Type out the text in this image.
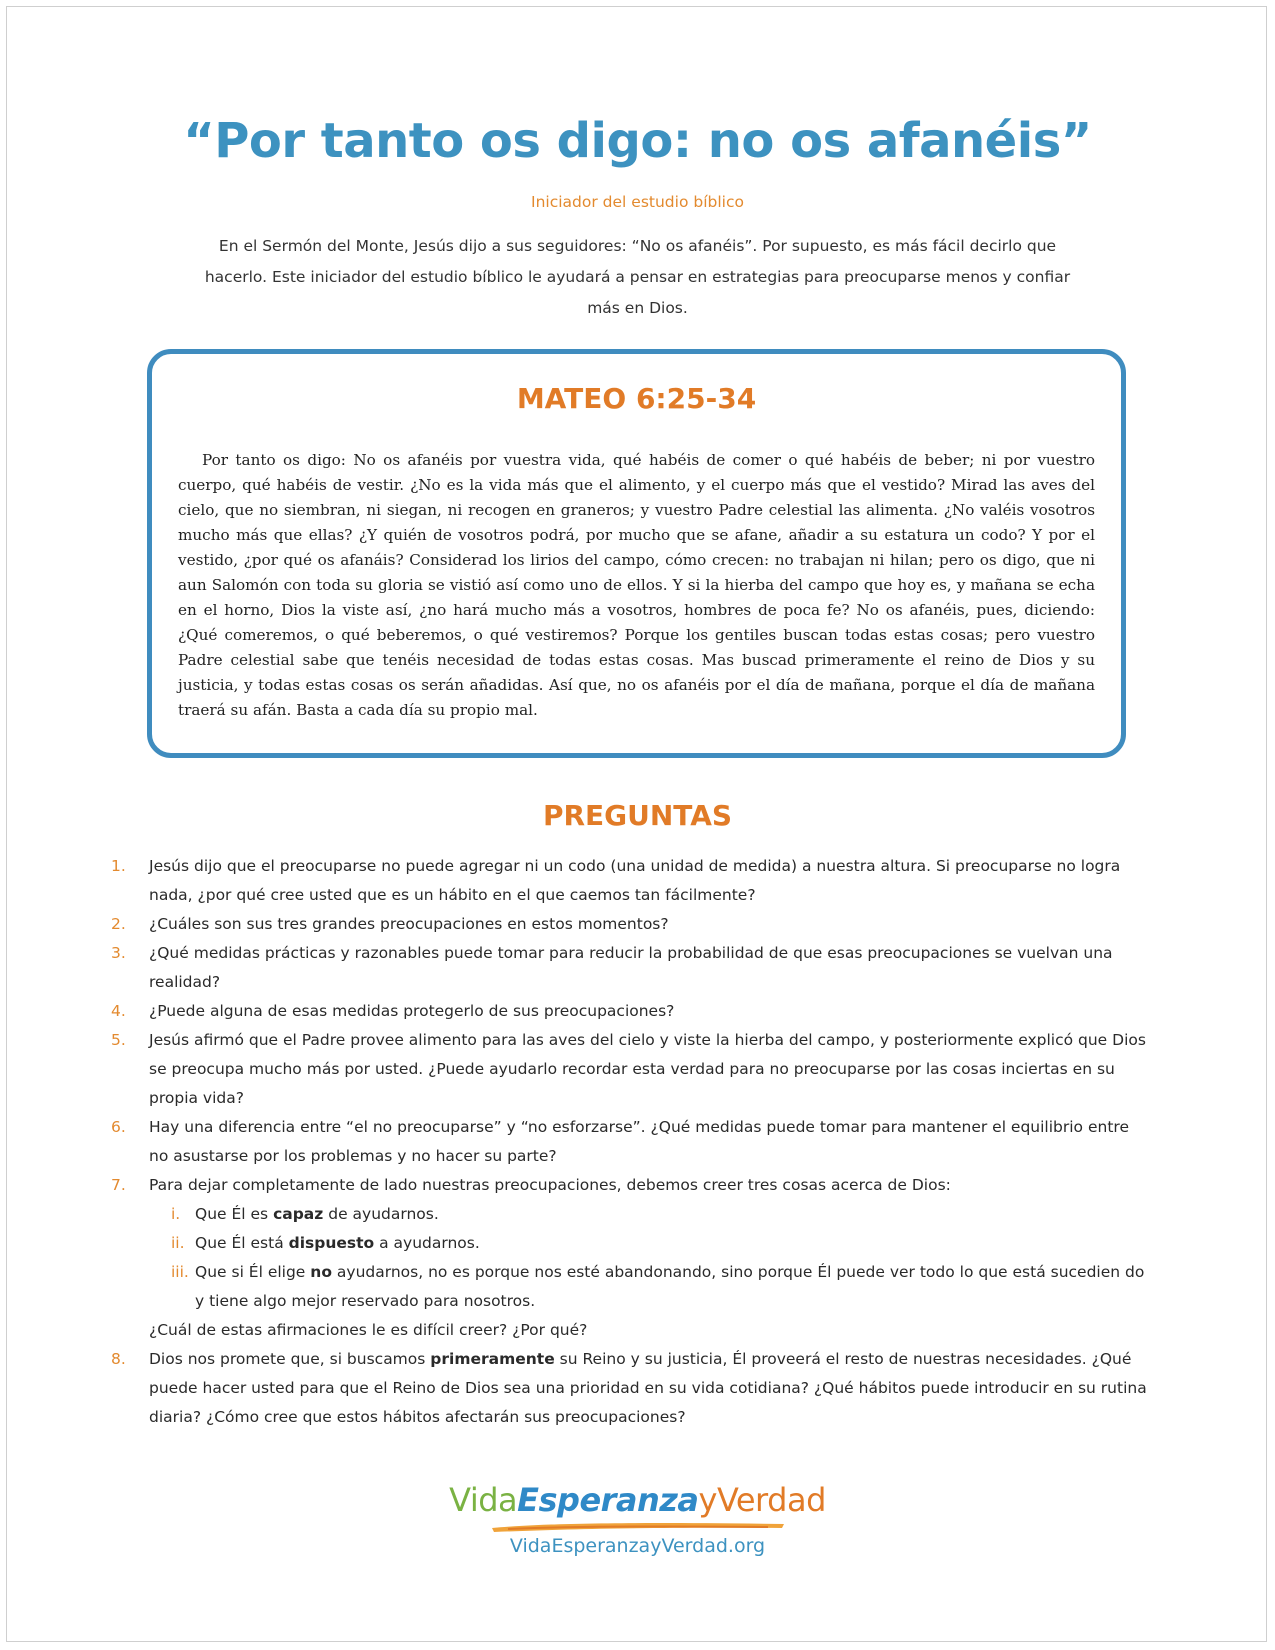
“Por tanto os digo: no os afanéis”
Iniciador del estudio bíblico

En el Sermón del Monte, Jesús dijo a sus seguidores: “No os afanéis”. Por supuesto, es más fácil decirlo que hacerlo. Este iniciador del estudio bíblico le ayudará a pensar en estrategias para preocuparse menos y confiar más en Dios.

MATEO 6:25-34

Por tanto os digo: No os afanéis por vuestra vida, qué habéis de comer o qué habéis de beber; ni por vuestro cuerpo, qué habéis de vestir. ¿No es la vida más que el alimento, y el cuerpo más que el vestido? Mirad las aves del cielo, que no siembran, ni siegan, ni recogen en graneros; y vuestro Padre celestial las alimenta. ¿No valéis vosotros mucho más que ellas? ¿Y quién de vosotros podrá, por mucho que se afane, añadir a su estatura un codo? Y por el vestido, ¿por qué os afanáis? Considerad los lirios del campo, cómo crecen: no trabajan ni hilan; pero os digo, que ni aun Salomón con toda su gloria se vistió así como uno de ellos. Y si la hierba del campo que hoy es, y mañana se echa en el horno, Dios la viste así, ¿no hará mucho más a vosotros, hombres de poca fe? No os afanéis, pues, diciendo: ¿Qué comeremos, o qué beberemos, o qué vestiremos? Porque los gentiles buscan todas estas cosas; pero vuestro Padre celestial sabe que tenéis necesidad de todas estas cosas. Mas buscad primeramente el reino de Dios y su justicia, y todas estas cosas os serán añadidas. Así que, no os afanéis por el día de mañana, porque el día de mañana traerá su afán. Basta a cada día su propio mal.

PREGUNTAS
1. Jesús dijo que el preocuparse no puede agregar ni un codo (una unidad de medida) a nuestra altura. Si preocuparse no logra nada, ¿por qué cree usted que es un hábito en el que caemos tan fácilmente?
2. ¿Cuáles son sus tres grandes preocupaciones en estos momentos?
3. ¿Qué medidas prácticas y razonables puede tomar para reducir la probabilidad de que esas preocupaciones se vuelvan una realidad?
4. ¿Puede alguna de esas medidas protegerlo de sus preocupaciones?
5. Jesús afirmó que el Padre provee alimento para las aves del cielo y viste la hierba del campo, y posteriormente explicó que Dios se preocupa mucho más por usted. ¿Puede ayudarlo recordar esta verdad para no preocuparse por las cosas inciertas en su propia vida?
6. Hay una diferencia entre “el no preocuparse” y “no esforzarse”. ¿Qué medidas puede tomar para mantener el equilibrio entre no asustarse por los problemas y no hacer su parte?
7. Para dejar completamente de lado nuestras preocupaciones, debemos creer tres cosas acerca de Dios:
i. Que Él es capaz de ayudarnos.
ii. Que Él está dispuesto a ayudarnos.
iii. Que si Él elige no ayudarnos, no es porque nos esté abandonando, sino porque Él puede ver todo lo que está sucedien do y tiene algo mejor reservado para nosotros.
¿Cuál de estas afirmaciones le es difícil creer? ¿Por qué?
8. Dios nos promete que, si buscamos primeramente su Reino y su justicia, Él proveerá el resto de nuestras necesidades. ¿Qué puede hacer usted para que el Reino de Dios sea una prioridad en su vida cotidiana? ¿Qué hábitos puede introducir en su rutina diaria? ¿Cómo cree que estos hábitos afectarán sus preocupaciones?
VidaEsperanzayVerdad
VidaEsperanzayVerdad.org
